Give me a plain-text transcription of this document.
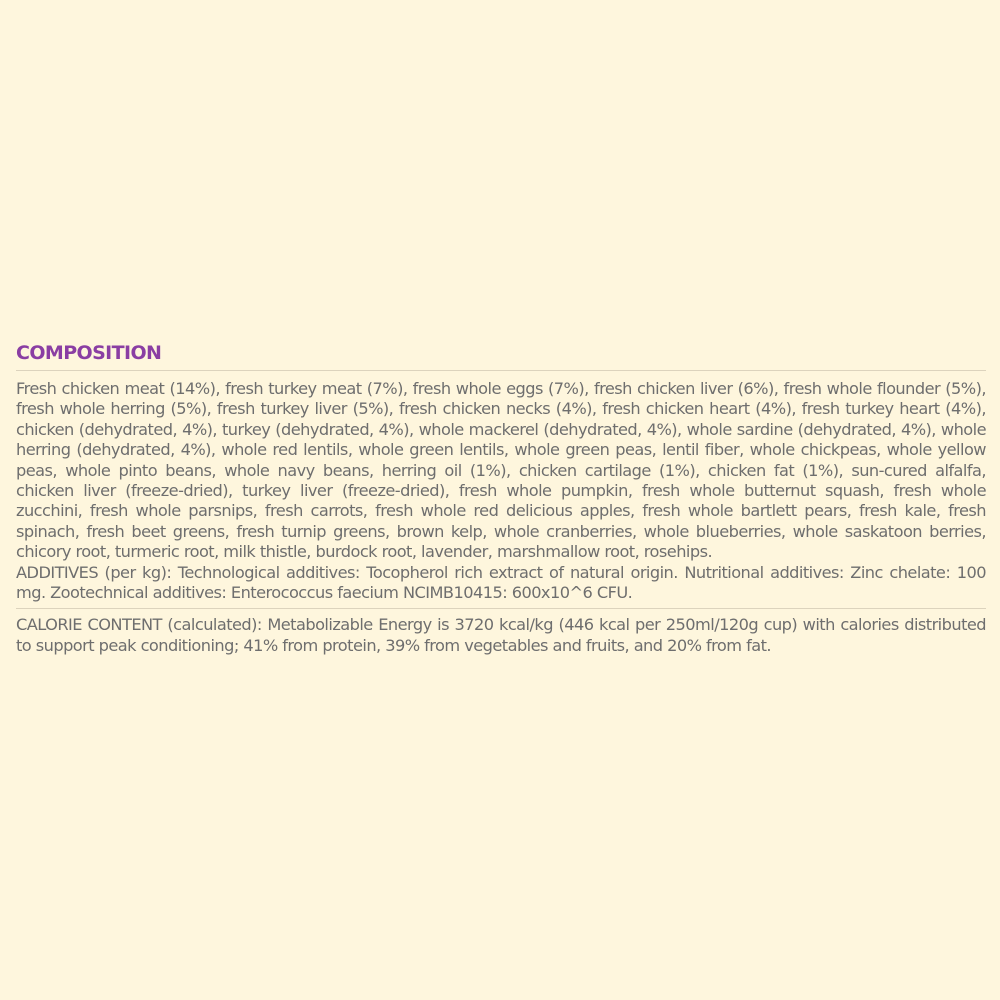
COMPOSITION

Fresh chicken meat (14%), fresh turkey meat (7%), fresh whole eggs (7%), fresh chicken liver (6%), fresh whole flounder (5%), fresh whole herring (5%), fresh turkey liver (5%), fresh chicken necks (4%), fresh chicken heart (4%), fresh turkey heart (4%), chicken (dehydrated, 4%), turkey (dehydrated, 4%), whole mackerel (dehydrated, 4%), whole sardine (dehydrated, 4%), whole herring (dehydrated, 4%), whole red lentils, whole green lentils, whole green peas, lentil fiber, whole chickpeas, whole yellow peas, whole pinto beans, whole navy beans, herring oil (1%), chicken cartilage (1%), chicken fat (1%), sun-cured alfalfa, chicken liver (freeze-dried), turkey liver (freeze-dried), fresh whole pumpkin, fresh whole butternut squash, fresh whole zucchini, fresh whole parsnips, fresh carrots, fresh whole red delicious apples, fresh whole bartlett pears, fresh kale, fresh spinach, fresh beet greens, fresh turnip greens, brown kelp, whole cranberries, whole blueberries, whole saskatoon berries, chicory root, turmeric root, milk thistle, burdock root, lavender, marshmallow root, rosehips.
ADDITIVES (per kg): Technological additives: Tocopherol rich extract of natural origin. Nutritional additives: Zinc chelate: 100 mg. Zootechnical additives: Enterococcus faecium NCIMB10415: 600x10^6 CFU.

CALORIE CONTENT (calculated): Metabolizable Energy is 3720 kcal/kg (446 kcal per 250ml/120g cup) with calories distributed to support peak conditioning; 41% from protein, 39% from vegetables and fruits, and 20% from fat.
